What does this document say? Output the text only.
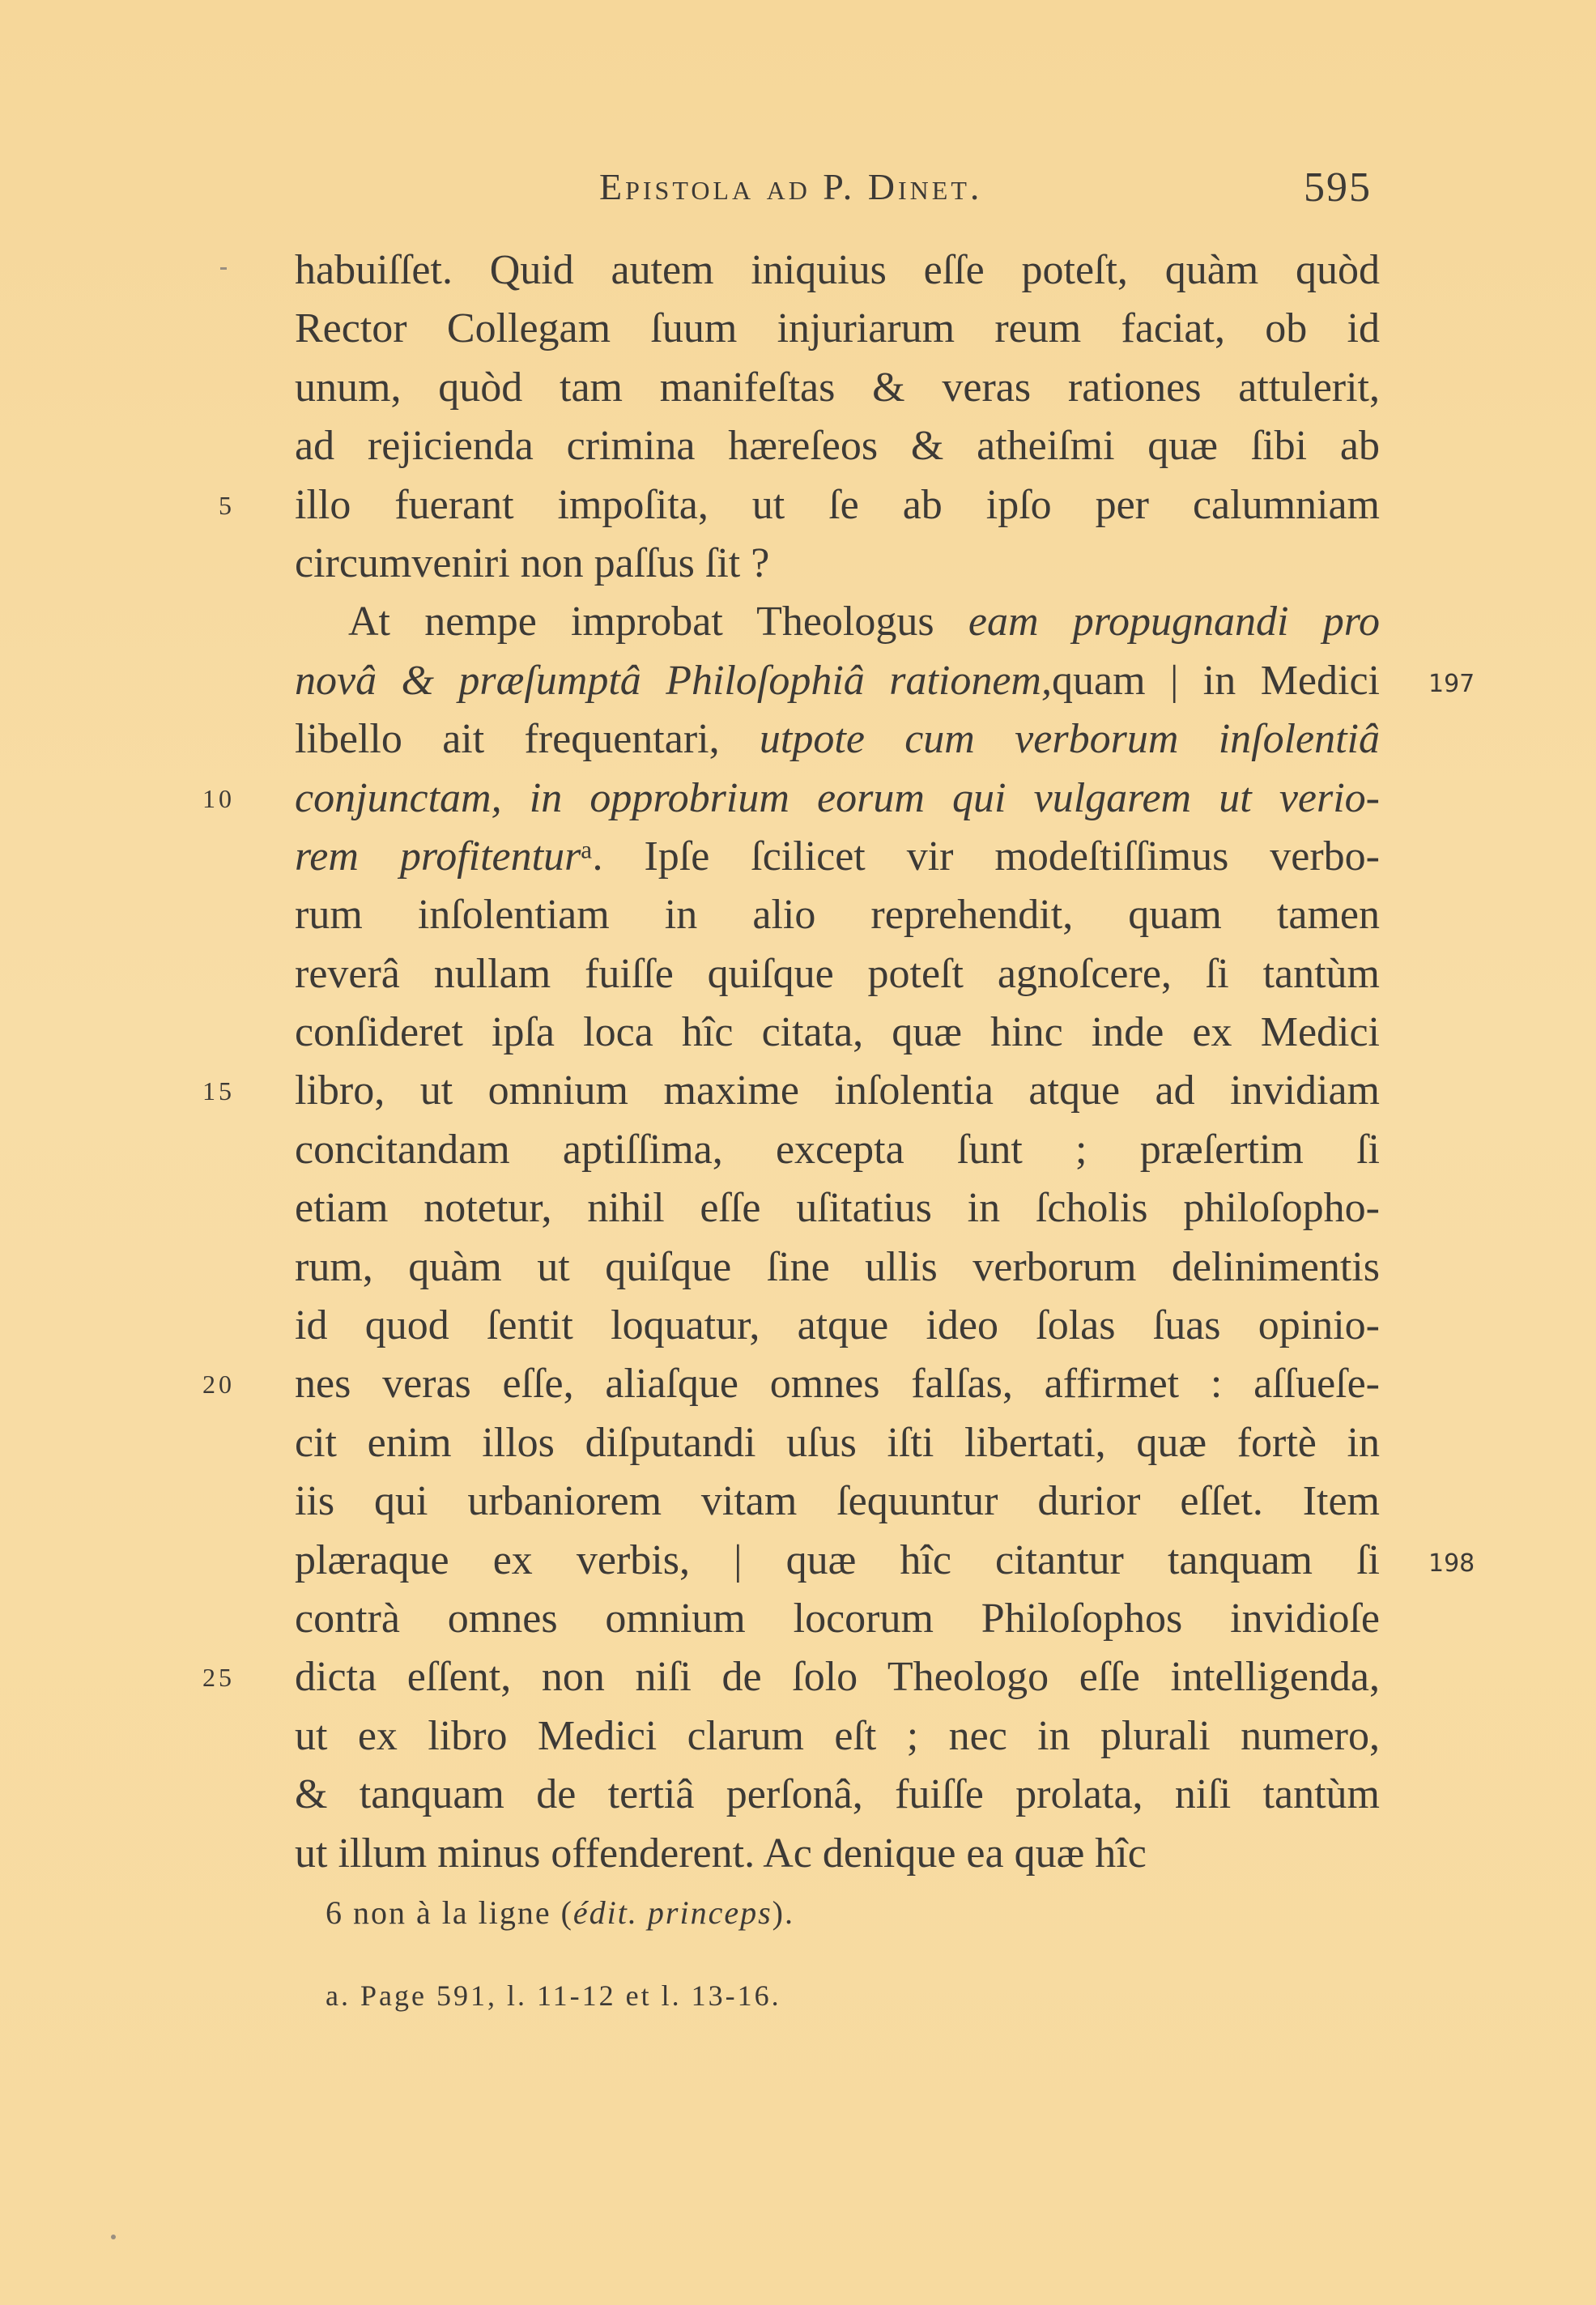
Epistola ad P. Dinet.	595
habuiſſet. Quid autem iniquius eſſe poteſt, quàm quòd
Rector Collegam ſuum injuriarum reum faciat, ob id
unum, quòd tam manifeſtas & veras rationes attulerit,
ad rejicienda crimina hæreſeos & atheiſmi quæ ſibi ab
5 illo fuerant impoſita, ut ſe ab ipſo per calumniam
circumveniri non paſſus ſit ?
At nempe improbat Theologus eam propugnandi pro
197
novâ & præſumptâ Philoſophiâ rationem,quam | in Medici
libello ait frequentari, utpote cum verborum inſolentiâ
10 conjunctam, in opprobrium eorum qui vulgarem ut verio-
rem profitenturᵃ. Ipſe ſcilicet vir modeſtiſſimus verbo-
rum inſolentiam in alio reprehendit, quam tamen
reverâ nullam fuiſſe quiſque poteſt agnoſcere, ſi tantùm
conſideret ipſa loca hîc citata, quæ hinc inde ex Medici
15 libro, ut omnium maxime inſolentia atque ad invidiam
concitandam aptiſſima, excepta ſunt ; præſertim ſi
etiam notetur, nihil eſſe uſitatius in ſcholis philoſopho-
rum, quàm ut quiſque ſine ullis verborum delinimentis
id quod ſentit loquatur, atque ideo ſolas ſuas opinio-
20 nes veras eſſe, aliaſque omnes falſas, affirmet : aſſueſe-
cit enim illos diſputandi uſus iſti libertati, quæ fortè in
iis qui urbaniorem vitam ſequuntur durior eſſet. Item
198
plæraque ex verbis, | quæ hîc citantur tanquam ſi
contrà omnes omnium locorum Philoſophos invidioſe
25 dicta eſſent, non niſi de ſolo Theologo eſſe intelligenda,
ut ex libro Medici clarum eſt ; nec in plurali numero,
& tanquam de tertiâ perſonâ, fuiſſe prolata, niſi tantùm
ut illum minus offenderent. Ac denique ea quæ hîc
6 non à la ligne (édit. princeps).
a. Page 591, l. 11-12 et l. 13-16.
